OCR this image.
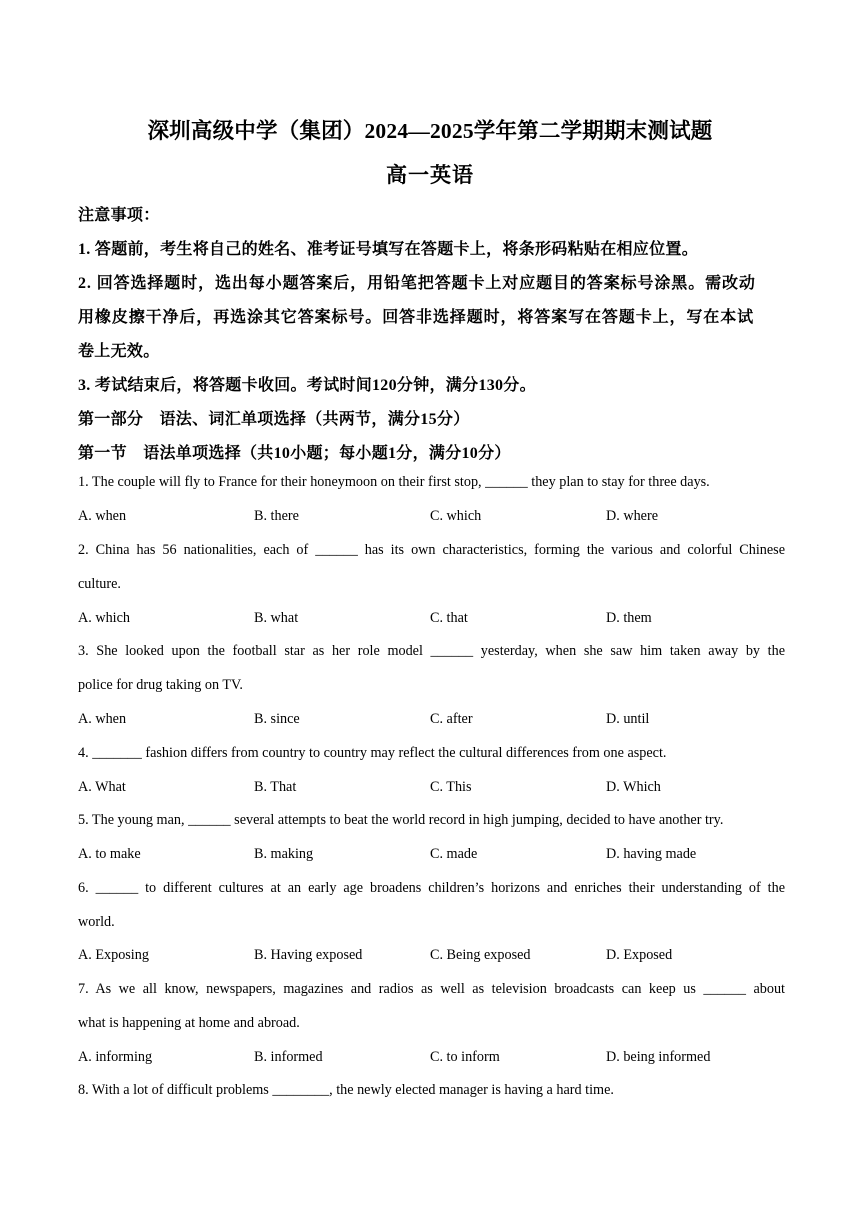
深圳高级中学（集团）2024—2025学年第二学期期末测试题
高一英语
注意事项：
1. 答题前，考生将自己的姓名、准考证号填写在答题卡上，将条形码粘贴在相应位置。
2. 回答选择题时，选出每小题答案后，用铅笔把答题卡上对应题目的答案标号涂黑。需改动
用橡皮擦干净后，再选涂其它答案标号。回答非选择题时，将答案写在答题卡上，写在本试
卷上无效。
3. 考试结束后，将答题卡收回。考试时间120分钟，满分130分。
第一部分　语法、词汇单项选择（共两节，满分15分）
第一节　语法单项选择（共10小题；每小题1分，满分10分）
1. The couple will fly to France for their honeymoon on their first stop, ______ they plan to stay for three days.
A. when	B. there	C. which	D. where
2. China has 56 nationalities, each of ______ has its own characteristics, forming the various and colorful Chinese
culture.
A. which	B. what	C. that	D. them
3. She looked upon the football star as her role model ______ yesterday, when she saw him taken away by the
police for drug taking on TV.
A. when	B. since	C. after	D. until
4. _______ fashion differs from country to country may reflect the cultural differences from one aspect.
A. What	B. That	C. This	D. Which
5. The young man, ______ several attempts to beat the world record in high jumping, decided to have another try.
A. to make	B. making	C. made	D. having made
6. ______ to different cultures at an early age broadens children’s horizons and enriches their understanding of the
world.
A. Exposing	B. Having exposed	C. Being exposed	D. Exposed
7. As we all know, newspapers, magazines and radios as well as television broadcasts can keep us ______ about
what is happening at home and abroad.
A. informing	B. informed	C. to inform	D. being informed
8. With a lot of difficult problems ________, the newly elected manager is having a hard time.
